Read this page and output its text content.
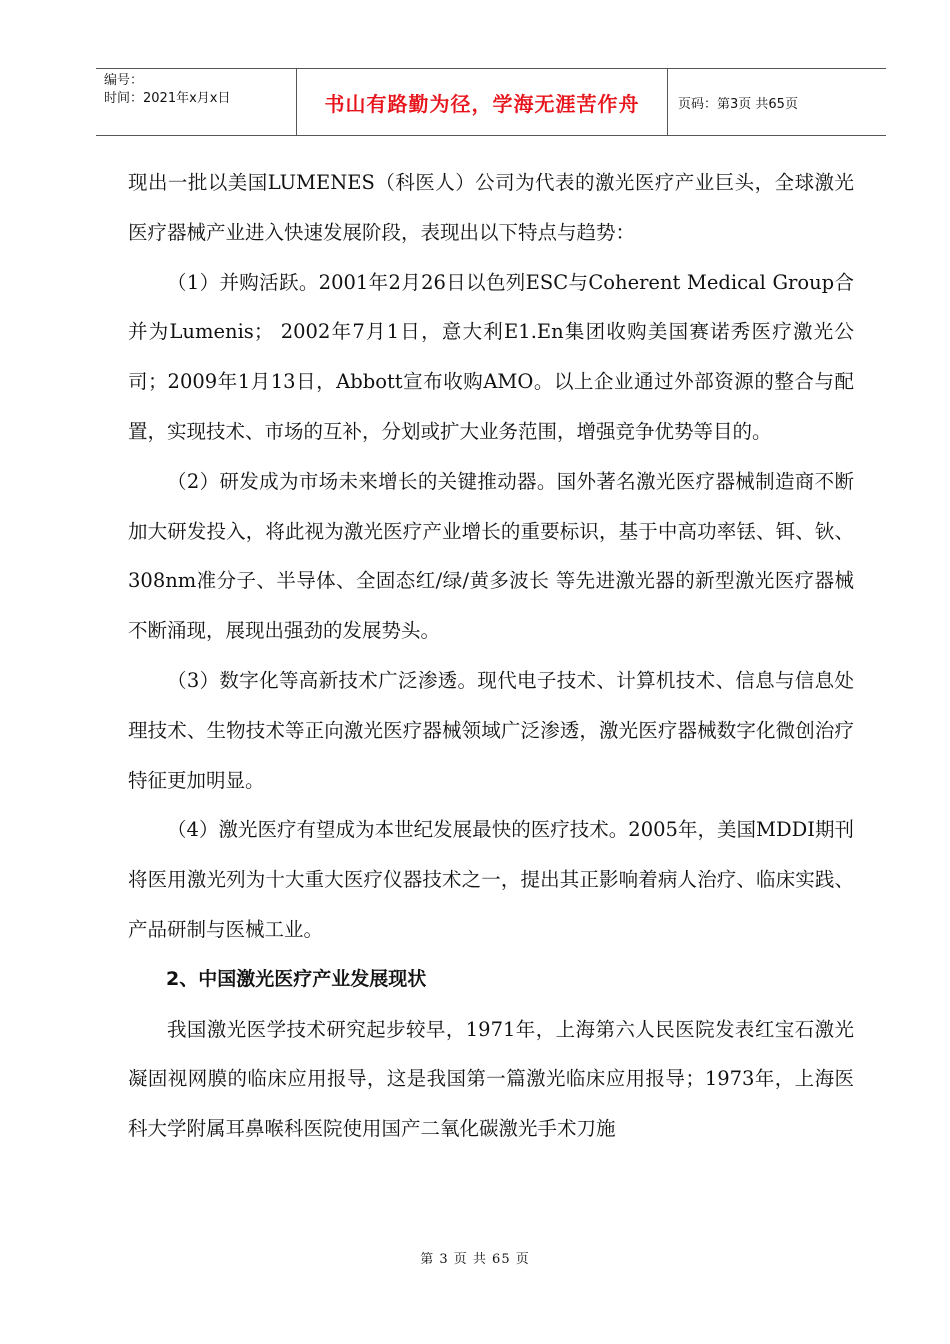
编号：
时间：2021年x月x日	书山有路勤为径，学海无涯苦作舟	页码：第3页 共65页

现出一批以美国LUMENES（科医人）公司为代表的激光医疗产业巨头，全球激光医疗器械产业进入快速发展阶段，表现出以下特点与趋势：

（1）并购活跃。2001年2月26日以色列ESC与Coherent Medical Group合并为Lumenis； 2002年7月1日，意大利E1.En集团收购美国赛诺秀医疗激光公司；2009年1月13日，Abbott宣布收购AMO。以上企业通过外部资源的整合与配置，实现技术、市场的互补，分划或扩大业务范围，增强竞争优势等目的。

（2）研发成为市场未来增长的关键推动器。国外著名激光医疗器械制造商不断加大研发投入，将此视为激光医疗产业增长的重要标识，基于中高功率铥、铒、钬、308nm准分子、半导体、全固态红/绿/黄多波长 等先进激光器的新型激光医疗器械不断涌现，展现出强劲的发展势头。

（3）数字化等高新技术广泛渗透。现代电子技术、计算机技术、信息与信息处理技术、生物技术等正向激光医疗器械领域广泛渗透，激光医疗器械数字化微创治疗特征更加明显。

（4）激光医疗有望成为本世纪发展最快的医疗技术。2005年，美国MDDI期刊将医用激光列为十大重大医疗仪器技术之一，提出其正影响着病人治疗、临床实践、产品研制与医械工业。

2、中国激光医疗产业发展现状

我国激光医学技术研究起步较早，1971年，上海第六人民医院发表红宝石激光凝固视网膜的临床应用报导，这是我国第一篇激光临床应用报导；1973年，上海医科大学附属耳鼻喉科医院使用国产二氧化碳激光手术刀施

第 3 页 共 65 页
